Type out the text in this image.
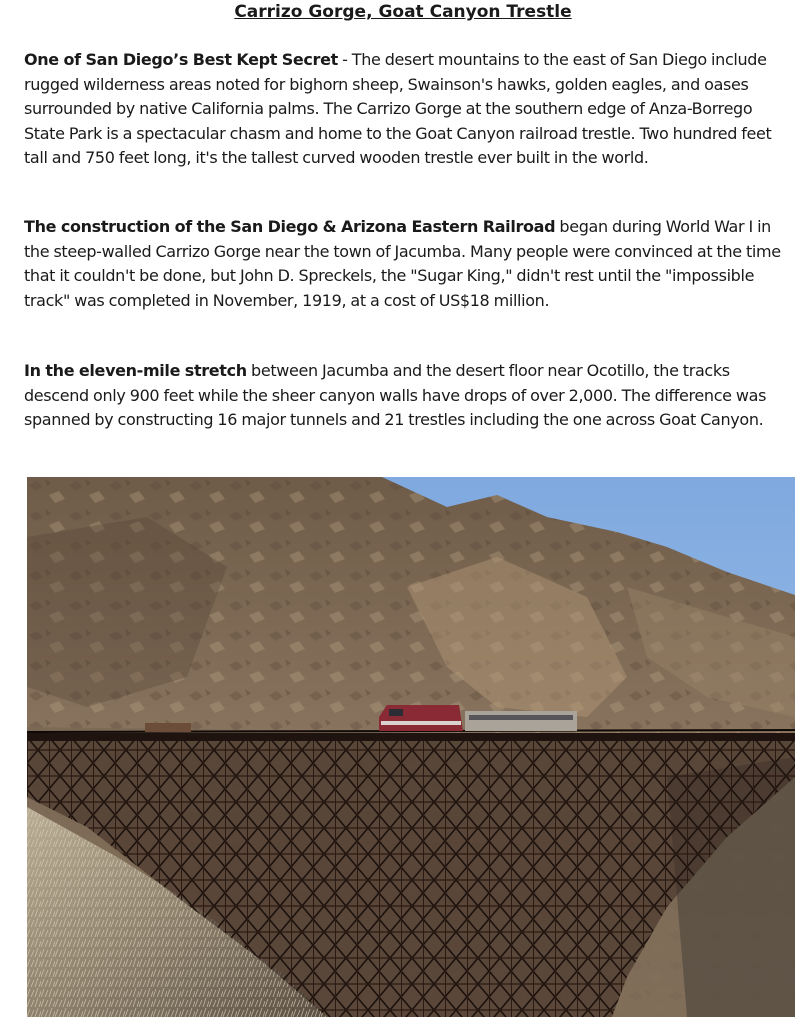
Carrizo Gorge, Goat Canyon Trestle

One of San Diego’s Best Kept Secret - The desert mountains to the east of San Diego include rugged wilderness areas noted for bighorn sheep, Swainson's hawks, golden eagles, and oases surrounded by native California palms. The Carrizo Gorge at the southern edge of Anza-Borrego State Park is a spectacular chasm and home to the Goat Canyon railroad trestle. Two hundred feet tall and 750 feet long, it's the tallest curved wooden trestle ever built in the world.

The construction of the San Diego & Arizona Eastern Railroad began during World War I in the steep-walled Carrizo Gorge near the town of Jacumba. Many people were convinced at the time that it couldn't be done, but John D. Spreckels, the "Sugar King," didn't rest until the "impossible track" was completed in November, 1919, at a cost of US$18 million.

In the eleven-mile stretch between Jacumba and the desert floor near Ocotillo, the tracks descend only 900 feet while the sheer canyon walls have drops of over 2,000. The difference was spanned by constructing 16 major tunnels and 21 trestles including the one across Goat Canyon.
